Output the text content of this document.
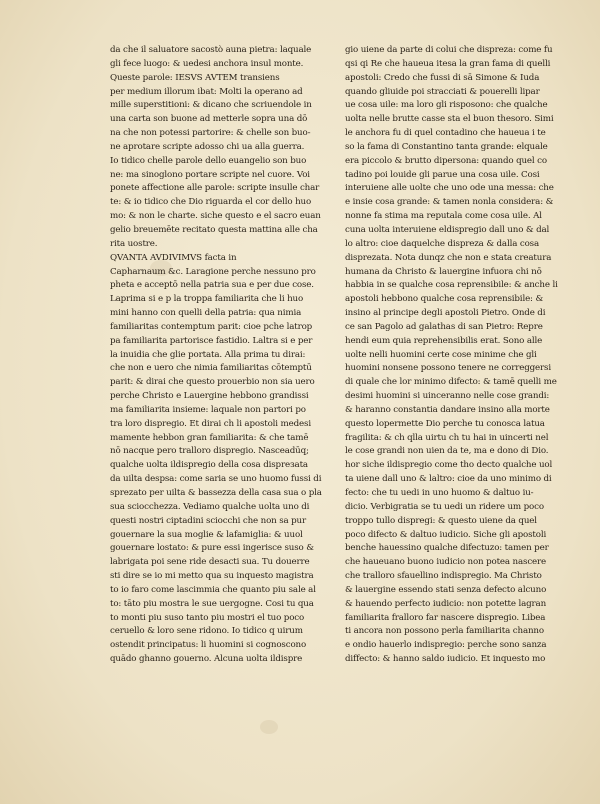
da che il saluatore sacostò auna pietra: laquale
gli fece luogo: & uedesi anchora insul monte.
Queste parole: IESVS AVTEM transiens
per medium illorum ibat: Molti la operano ad
mille superstitioni: & dicano che scriuendole in
una carta son buone ad metterle sopra una dō
na che non potessi partorire: & chelle son buo-
ne aprotare scripte adosso chi ua alla guerra.
Io tidico chelle parole dello euangelio son buo
ne: ma sinoglono portare scripte nel cuore. Voi
ponete affectione alle parole: scripte insulle char
te: & io tidico che Dio riguarda el cor dello huo
mo: & non le charte. siche questo e el sacro euan
gelio breuemēte recitato questa mattina alle cha
rita uostre.
QVANTA AVDIVIMVS facta in
Capharnaum &c. Laragione perche nessuno pro
pheta e acceptō nella patria sua e per due cose.
Laprima si e p la troppa familiarita che li huo
mini hanno con quelli della patria: qua nimia
familiaritas contemptum parit: cioe pche latrop
pa familiarita partorisce fastidio. Laltra si e per
la inuidia che glie portata. Alla prima tu dirai:
che non e uero che nimia familiaritas cōtemptū
parit: & dirai che questo prouerbio non sia uero
perche Christo e Lauergine hebbono grandissi
ma familiarita insieme: laquale non partori po
tra loro dispregio. Et dirai ch li apostoli medesi
mamente hebbon gran familiarita: & che tamē
nō nacque pero tralloro dispregio. Nasceadūq;
qualche uolta ildispregio della cosa dispreзata
da uilta despsa: come saria se uno huomo fussi di
sprezato per uilta & bassezza della casa sua o pla
sua sciocchezza. Vediamo qualche uolta uno di
questi nostri ciptadini sciocchi che non sa pur
gouernare la sua moglie & lafamiglia: & uuol
gouernare lostato: & pure essi ingerisce suso &
labrigata poi sene ride desacti sua. Tu douerre
sti dire se io mi metto qua su inquesto magistra
to io faro come lascimmia che quanto piu sale al
to: tāto piu mostra le sue uergogne. Cosi tu qua
to monti piu suso tanto piu mostri el tuo poco
ceruello & loro sene ridono. Io tidico q uirum
ostendit principatus: li huomini si cognoscono
quādo ghanno gouerno. Alcuna uolta ildispre
gio uiene da parte di colui che dispreza: come fu
qsi qi Re che haueua itesa la gran fama di quelli
apostoli: Credo che fussi di sā Simone & Iuda
quando gliuide poi stracciati & pouerelli lipar
ue cosa uile: ma loro gli risposono: che qualche
uolta nelle brutte casse sta el buon thesoro. Simi
le anchora fu di quel contadino che haueua i te
so la fama di Constantino tanta grande: elquale
era piccolo & brutto dipersona: quando quel co
tadino poi louide gli parue una cosa uile. Cosi
interuiene alle uolte che uno ode una messa: che
e insie cosa grande: & tamen nonla considera: &
nonne fa stima ma reputala come cosa uile. Al
cuna uolta interuiene eldispregio dall uno & dal
lo altro: cioe daquelche dispreza & dalla cosa
disprezata. Nota dunqz che non e stata creatura
humana da Christo & lauergine infuora chi nō
habbia in se qualche cosa reprensibile: & anche li
apostoli hebbono qualche cosa reprensibile: &
insino al principe degli apostoli Pietro. Onde di
ce san Pagolo ad galathas di san Pietro: Repre
hendi eum quia reprehensibilis erat. Sono alle
uolte nelli huomini certe cose minime che gli
huomini nonsene possono tenere ne correggersi
di quale che lor minimo difecto: & tamē quelli me
desimi huomini si uinceranno nelle cose grandi:
& haranno constantia dandare insino alla morte
questo lopermette Dio perche tu conosca latua
fragilita: & ch qlla uirtu ch tu hai in uincerti nel
le cose grandi non uien da te, ma e dono di Dio.
hor siche ildispregio come tho decto qualche uol
ta uiene dall uno & laltro: cioe da uno minimo di
fecto: che tu uedi in uno huomo & daltuo iu-
dicio. Verbigratia se tu uedi un ridere um poco
troppo tullo dispregi: & questo uiene da quel
poco difecto & daltuo iudicio. Siche gli apostoli
benche hauessino qualche difectuzo: tamen per
che haueuano buono iudicio non potea nascere
che tralloro sfauellino indispregio. Ma Christo
& lauergine essendo stati senza defecto alcuno
& hauendo perfecto iudicio: non potette lagran
familiarita fralloro far nascere dispregio. Libea
ti ancora non possono perla familiarita channo
e ondio hauerlo indispregio: perche sono sanza
diffecto: & hanno saldo iudicio. Et inquesto mo
